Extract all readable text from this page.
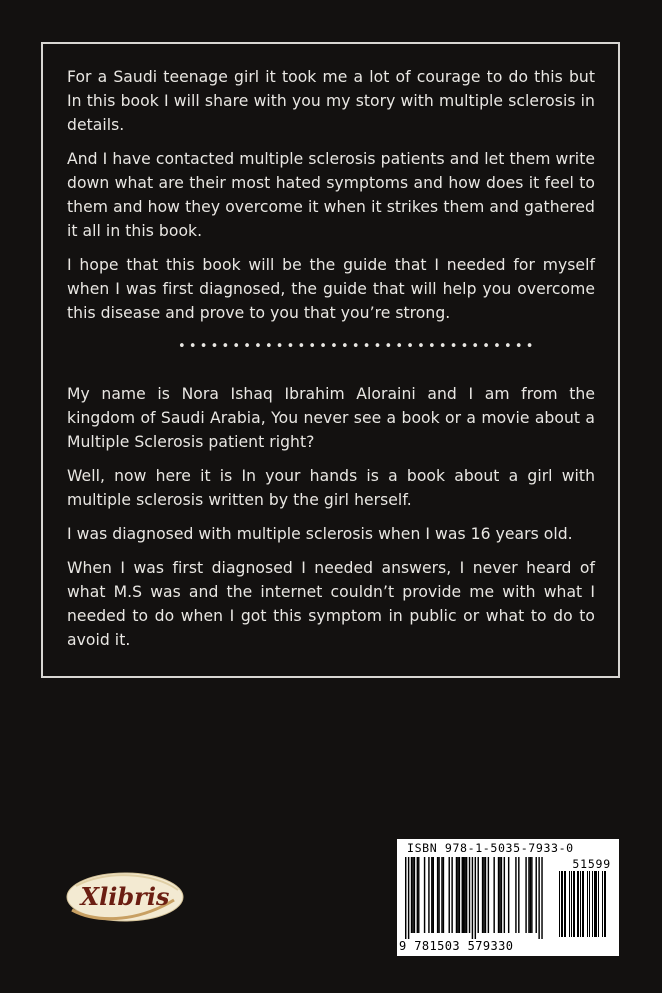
For a Saudi teenage girl it took me a lot of courage to do this but In this book I will share with you my story with multiple sclerosis in details.

And I have contacted multiple sclerosis patients and let them write down what are their most hated symptoms and how does it feel to them and how they overcome it when it strikes them and gathered it all in this book.

I hope that this book will be the guide that I needed for myself when I was first diagnosed, the guide that will help you overcome this disease and prove to you that you’re strong.

•••••••••••••••••••••••••••••••••

My name is Nora Ishaq Ibrahim Aloraini and I am from the kingdom of Saudi Arabia, You never see a book or a movie about a Multiple Sclerosis patient right?

Well, now here it is In your hands is a book about a girl with multiple sclerosis written by the girl herself.

I was diagnosed with multiple sclerosis when I was 16 years old.

When I was first diagnosed I needed answers, I never heard of what M.S was and the internet couldn’t provide me with what I needed to do when I got this symptom in public or what to do to avoid it.

Xlibris
ISBN 978-1-5035-7933-0
51599
9 781503 579330
